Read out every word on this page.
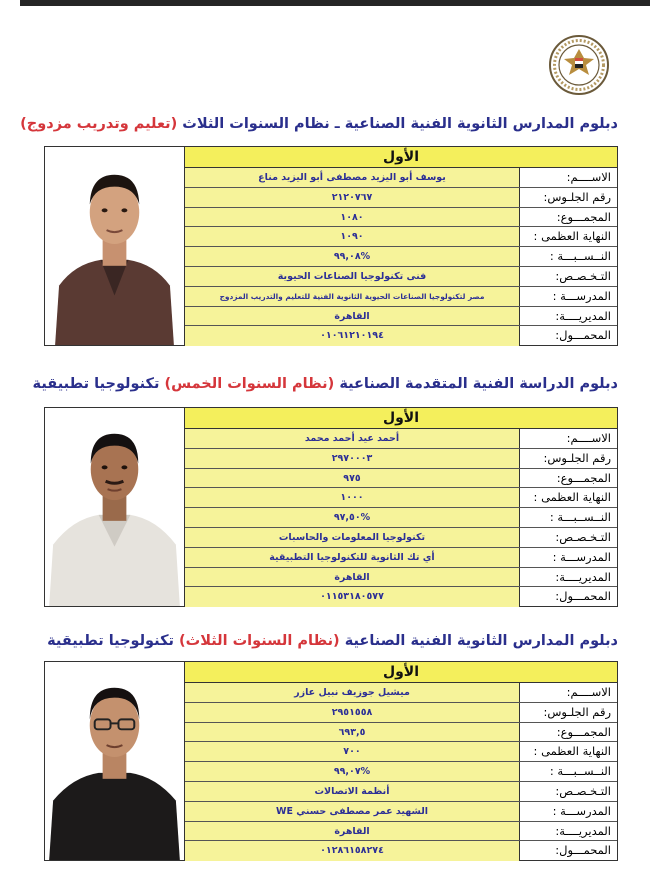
دبلوم المدارس الثانوية الفنية الصناعية ـ نظام السنوات الثلاث (تعليم وتدريب مزدوج)
الأول
الاســــم:
يوسف أبو اليزيد مصطفى أبو اليزيد مناع
رقم الجلـوس:
٢١٢٠٧٦٧
المجمـــوع:
١٠٨٠
النهاية العظمى :
١٠٩٠
النــســبـــة :
%٩٩,٠٨
التـخـصـص:
فنى تكنولوجيا الصناعات الحيوية
المدرســـة :
مصر لتكنولوجيا الصناعات الحيوية الثانوية الفنية للتعليم والتدريب المزدوج
المديريــــة:
القاهرة
المحمـــول:
٠١٠٦١٢١٠١٩٤
دبلوم الدراسة الفنية المتقدمة الصناعية (نظام السنوات الخمس) تكنولوجيا تطبيقية
الأول
الاســــم:
أحمد عيد أحمد محمد
رقم الجلـوس:
٢٩٧٠٠٠٣
المجمـــوع:
٩٧٥
النهاية العظمى :
١٠٠٠
النــســبـــة :
%٩٧,٥٠
التـخـصـص:
تكنولوجيا المعلومات والحاسبات
المدرســـة :
أي تك الثانوية للتكنولوجيا التطبيقية
المديريــــة:
القاهرة
المحمـــول:
٠١١٥٣١٨٠٥٧٧
دبلوم المدارس الثانوية الفنية الصناعية (نظام السنوات الثلاث) تكنولوجيا تطبيقية
الأول
الاســــم:
ميشيل جوزيف نبيل عازر
رقم الجلـوس:
٢٩٥١٥٥٨
المجمـــوع:
٦٩٣,٥
النهاية العظمى :
٧٠٠
النــســبـــة :
%٩٩,٠٧
التـخـصـص:
أنظمة الاتصالات
المدرســـة :
الشهيد عمر مصطفى حسني WE
المديريــــة:
القاهرة
المحمـــول:
٠١٢٨٦١٥٨٢٧٤
